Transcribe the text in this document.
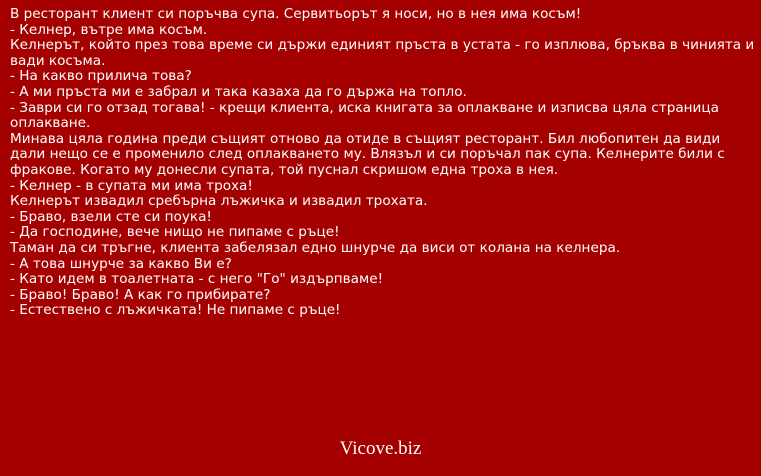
В ресторант клиент си поръчва супа. Сервитьорът я носи, но в нея има косъм!
- Келнер, вътре има косъм.
Келнерът, който през това време си държи единият пръста в устата - го изплюва, бръква в чинията и вади косъма.
- На какво прилича това?
- А ми пръста ми е забрал и така казаха да го държа на топло.
- Заври си го отзад тогава! - крещи клиента, иска книгата за оплакване и изписва цяла страница оплакване.
Минава цяла година преди същият отново да отиде в същият ресторант. Бил любопитен да види дали нещо се е променило след оплакването му. Влязъл и си поръчал пак супа. Келнерите били с фракове. Когато му донесли супата, той пуснал скришом една троха в нея.
- Келнер - в супата ми има троха!
Келнерът извадил сребърна лъжичка и извадил трохата.
- Браво, взели сте си поука!
- Да господине, вече нищо не пипаме с ръце!
Таман да си тръгне, клиента забелязал едно шнурче да виси от колана на келнера.
- А това шнурче за какво Ви е?
- Като идем в тоалетната - с него "Го" издърпваме!
- Браво! Браво! А как го прибирате?
- Естествено с лъжичката! Не пипаме с ръце!
Vicove.biz
